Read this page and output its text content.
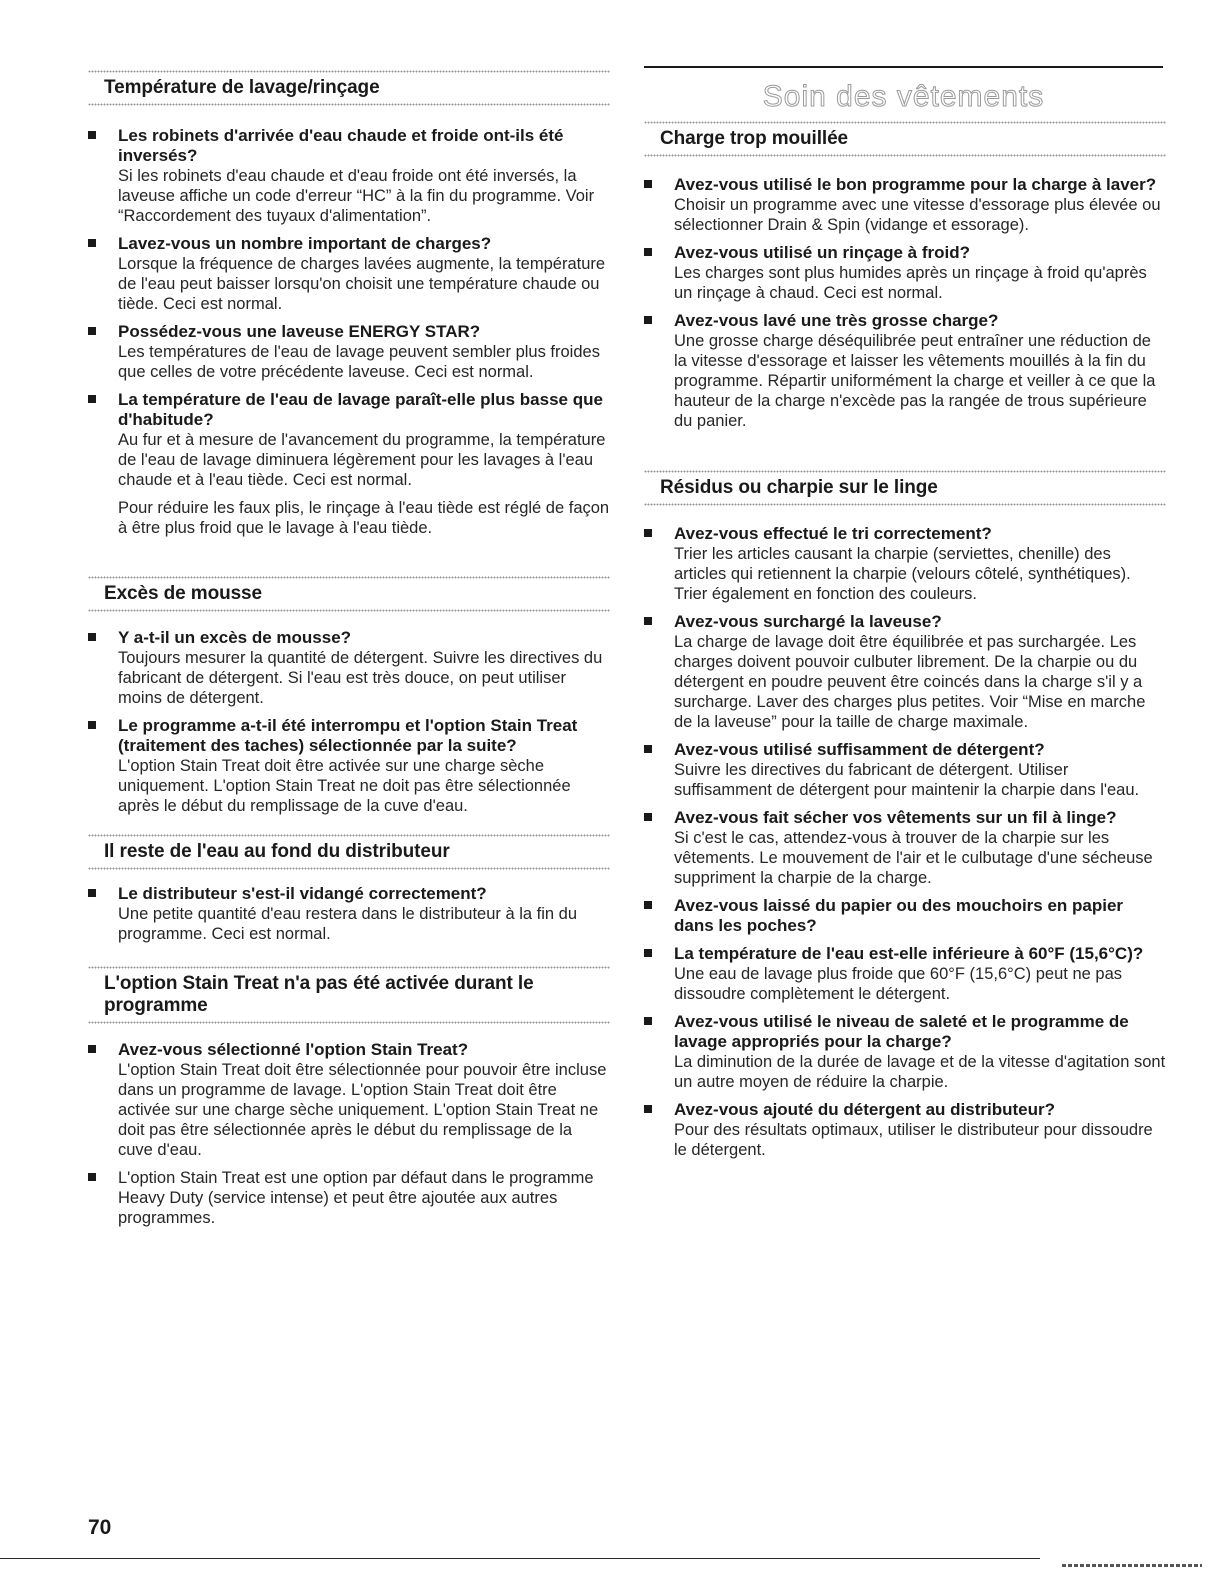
Soin des vêtements
Température de lavage/rinçage
Les robinets d'arrivée d'eau chaude et froide ont-ils été inversés?
Si les robinets d'eau chaude et d'eau froide ont été inversés, la laveuse affiche un code d'erreur “HC” à la fin du programme. Voir “Raccordement des tuyaux d'alimentation”.
Lavez-vous un nombre important de charges?
Lorsque la fréquence de charges lavées augmente, la température de l'eau peut baisser lorsqu'on choisit une température chaude ou tiède. Ceci est normal.
Possédez-vous une laveuse ENERGY STAR?
Les températures de l'eau de lavage peuvent sembler plus froides que celles de votre précédente laveuse. Ceci est normal.
La température de l'eau de lavage paraît-elle plus basse que d'habitude?
Au fur et à mesure de l'avancement du programme, la température de l'eau de lavage diminuera légèrement pour les lavages à l'eau chaude et à l'eau tiède. Ceci est normal.
Pour réduire les faux plis, le rinçage à l'eau tiède est réglé de façon à être plus froid que le lavage à l'eau tiède.
Excès de mousse
Y a-t-il un excès de mousse?
Toujours mesurer la quantité de détergent. Suivre les directives du fabricant de détergent. Si l'eau est très douce, on peut utiliser moins de détergent.
Le programme a-t-il été interrompu et l'option Stain Treat (traitement des taches) sélectionnée par la suite?
L'option Stain Treat doit être activée sur une charge sèche uniquement. L'option Stain Treat ne doit pas être sélectionnée après le début du remplissage de la cuve d'eau.
Il reste de l'eau au fond du distributeur
Le distributeur s'est-il vidangé correctement?
Une petite quantité d'eau restera dans le distributeur à la fin du programme. Ceci est normal.
L'option Stain Treat n'a pas été activée durant le programme
Avez-vous sélectionné l'option Stain Treat?
L'option Stain Treat doit être sélectionnée pour pouvoir être incluse dans un programme de lavage. L'option Stain Treat doit être activée sur une charge sèche uniquement. L'option Stain Treat ne doit pas être sélectionnée après le début du remplissage de la cuve d'eau.
L'option Stain Treat est une option par défaut dans le programme Heavy Duty (service intense) et peut être ajoutée aux autres programmes.
Charge trop mouillée
Avez-vous utilisé le bon programme pour la charge à laver?
Choisir un programme avec une vitesse d'essorage plus élevée ou sélectionner Drain & Spin (vidange et essorage).
Avez-vous utilisé un rinçage à froid?
Les charges sont plus humides après un rinçage à froid qu'après un rinçage à chaud. Ceci est normal.
Avez-vous lavé une très grosse charge?
Une grosse charge déséquilibrée peut entraîner une réduction de la vitesse d'essorage et laisser les vêtements mouillés à la fin du programme. Répartir uniformément la charge et veiller à ce que la hauteur de la charge n'excède pas la rangée de trous supérieure du panier.
Résidus ou charpie sur le linge
Avez-vous effectué le tri correctement?
Trier les articles causant la charpie (serviettes, chenille) des articles qui retiennent la charpie (velours côtelé, synthétiques). Trier également en fonction des couleurs.
Avez-vous surchargé la laveuse?
La charge de lavage doit être équilibrée et pas surchargée. Les charges doivent pouvoir culbuter librement. De la charpie ou du détergent en poudre peuvent être coincés dans la charge s'il y a surcharge. Laver des charges plus petites. Voir “Mise en marche de la laveuse” pour la taille de charge maximale.
Avez-vous utilisé suffisamment de détergent?
Suivre les directives du fabricant de détergent. Utiliser suffisamment de détergent pour maintenir la charpie dans l'eau.
Avez-vous fait sécher vos vêtements sur un fil à linge?
Si c'est le cas, attendez-vous à trouver de la charpie sur les vêtements. Le mouvement de l'air et le culbutage d'une sécheuse suppriment la charpie de la charge.
Avez-vous laissé du papier ou des mouchoirs en papier dans les poches?
La température de l'eau est-elle inférieure à 60°F (15,6°C)?
Une eau de lavage plus froide que 60°F (15,6°C) peut ne pas dissoudre complètement le détergent.
Avez-vous utilisé le niveau de saleté et le programme de lavage appropriés pour la charge?
La diminution de la durée de lavage et de la vitesse d'agitation sont un autre moyen de réduire la charpie.
Avez-vous ajouté du détergent au distributeur?
Pour des résultats optimaux, utiliser le distributeur pour dissoudre le détergent.
70
